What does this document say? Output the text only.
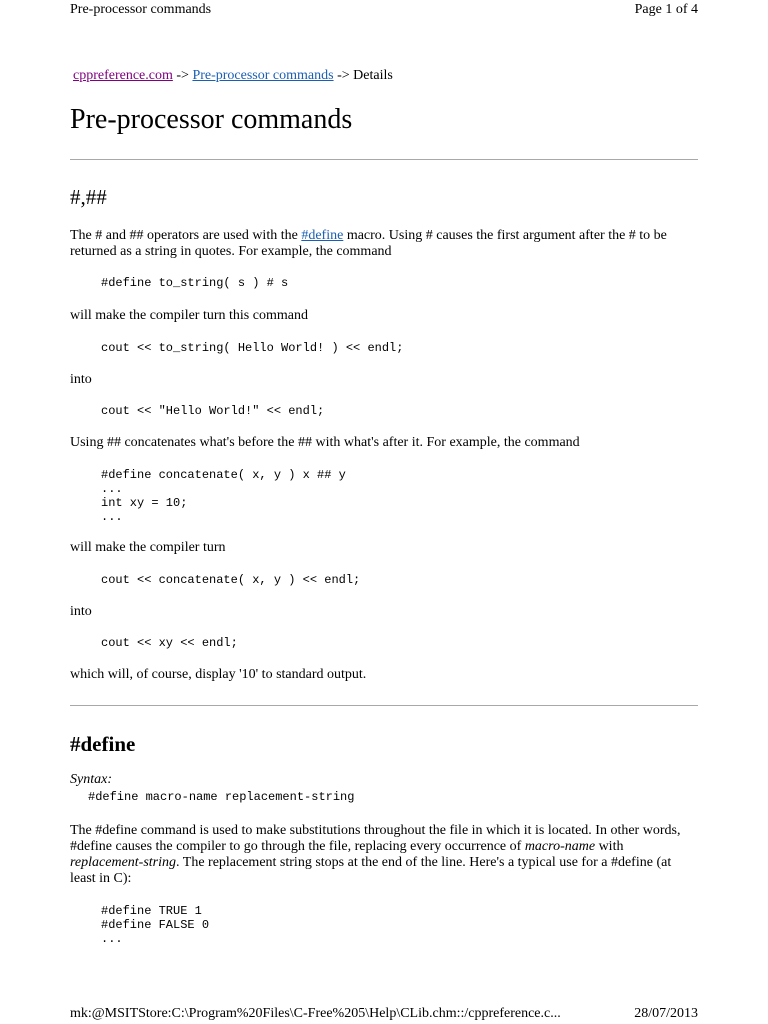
Pre-processor commands	Page 1 of 4
cppreference.com -> Pre-processor commands -> Details
Pre-processor commands
#,##

The # and ## operators are used with the #define macro. Using # causes the first argument after the # to be returned as a string in quotes. For example, the command

#define to_string( s ) # s

will make the compiler turn this command

cout << to_string( Hello World! ) << endl;

into

cout << "Hello World!" << endl;

Using ## concatenates what's before the ## with what's after it. For example, the command

#define concatenate( x, y ) x ## y
...
int xy = 10;
...

will make the compiler turn

cout << concatenate( x, y ) << endl;

into

cout << xy << endl;

which will, of course, display '10' to standard output.

#define

Syntax:

#define macro-name replacement-string

The #define command is used to make substitutions throughout the file in which it is located. In other words, #define causes the compiler to go through the file, replacing every occurrence of macro-name with replacement-string. The replacement string stops at the end of the line. Here's a typical use for a #define (at least in C):

#define TRUE 1
#define FALSE 0
...
mk:@MSITStore:C:\Program%20Files\C-Free%205\Help\CLib.chm::/cppreference.c...	28/07/2013
